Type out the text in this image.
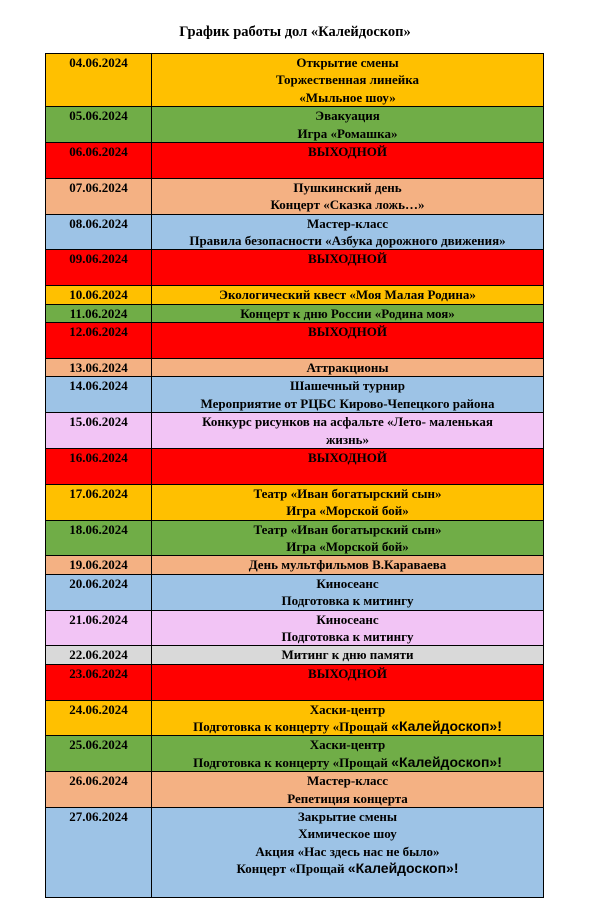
График работы дол «Калейдоскоп»
04.06.2024	Открытие смены
Торжественная линейка
«Мыльное шоу»

05.06.2024	Эвакуация
Игра «Ромашка»

06.06.2024	ВЫХОДНОЙ

07.06.2024	Пушкинский день
Концерт «Сказка ложь…»

08.06.2024	Мастер-класс
Правила безопасности «Азбука дорожного движения»

09.06.2024	ВЫХОДНОЙ

10.06.2024	Экологический квест «Моя Малая Родина»

11.06.2024	Концерт к дню России «Родина моя»

12.06.2024	ВЫХОДНОЙ

13.06.2024	Аттракционы

14.06.2024	Шашечный турнир
Мероприятие от РЦБС Кирово-Чепецкого района

15.06.2024	Конкурс рисунков на асфальте «Лето- маленькая
жизнь»

16.06.2024	ВЫХОДНОЙ

17.06.2024	Театр «Иван богатырский сын»
Игра «Морской бой»

18.06.2024	Театр «Иван богатырский сын»
Игра «Морской бой»

19.06.2024	День мультфильмов В.Караваева

20.06.2024	Киносеанс
Подготовка к митингу

21.06.2024	Киносеанс
Подготовка к митингу

22.06.2024	Митинг к дню памяти

23.06.2024	ВЫХОДНОЙ

24.06.2024	Хаски-центр
Подготовка к концерту «Прощай «Калейдоскоп»!

25.06.2024	Хаски-центр
Подготовка к концерту «Прощай «Калейдоскоп»!

26.06.2024	Мастер-класс
Репетиция концерта

27.06.2024	Закрытие смены
Химическое шоу
Акция «Нас здесь нас не было»
Концерт «Прощай «Калейдоскоп»!
